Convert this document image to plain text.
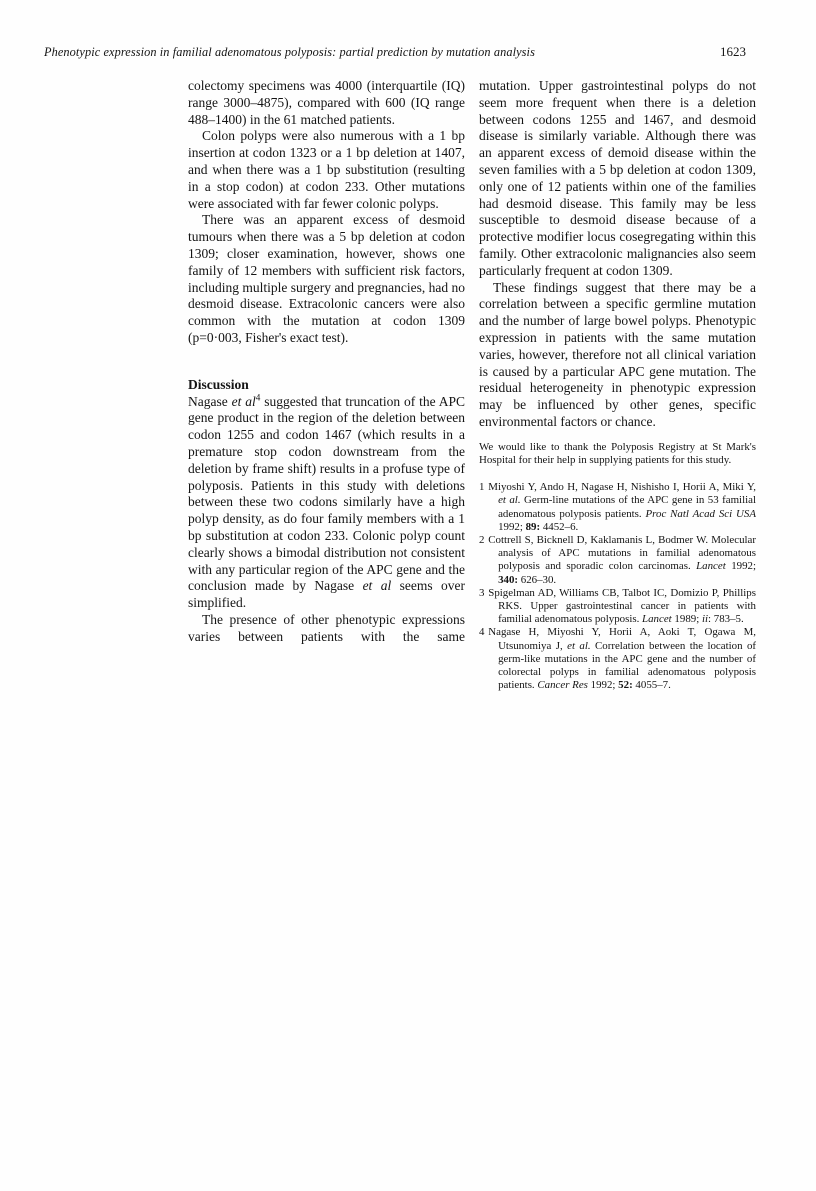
Phenotypic expression in familial adenomatous polyposis: partial prediction by mutation analysis	1623

colectomy specimens was 4000 (interquartile (IQ) range 3000–4875), compared with 600 (IQ range 488–1400) in the 61 matched patients.

Colon polyps were also numerous with a 1 bp insertion at codon 1323 or a 1 bp deletion at 1407, and when there was a 1 bp substitution (resulting in a stop codon) at codon 233. Other mutations were associated with far fewer colonic polyps.

There was an apparent excess of desmoid tumours when there was a 5 bp deletion at codon 1309; closer examination, however, shows one family of 12 members with sufficient risk factors, including multiple surgery and pregnancies, had no desmoid disease. Extracolonic cancers were also common with the mutation at codon 1309 (p=0·003, Fisher's exact test).

Discussion

Nagase et $al^4$ suggested that truncation of the APC gene product in the region of the deletion between codon 1255 and codon 1467 (which results in a premature stop codon downstream from the deletion by frame shift) results in a profuse type of polyposis. Patients in this study with deletions between these two codons similarly have a high polyp density, as do four family members with a 1 bp substitution at codon 233. Colonic polyp count clearly shows a bimodal distribution not consistent with any particular region of the APC gene and the conclusion made by Nagase et al seems over simplified.

The presence of other phenotypic expressions varies between patients with the same

mutation. Upper gastrointestinal polyps do not seem more frequent when there is a deletion between codons 1255 and 1467, and desmoid disease is similarly variable. Although there was an apparent excess of demoid disease within the seven families with a 5 bp deletion at codon 1309, only one of 12 patients within one of the families had desmoid disease. This family may be less susceptible to desmoid disease because of a protective modifier locus cosegregating within this family. Other extracolonic malignancies also seem particularly frequent at codon 1309.

These findings suggest that there may be a correlation between a specific germline mutation and the number of large bowel polyps. Phenotypic expression in patients with the same mutation varies, however, therefore not all clinical variation is caused by a particular APC gene mutation. The residual heterogeneity in phenotypic expression may be influenced by other genes, specific environmental factors or chance.

We would like to thank the Polyposis Registry at St Mark's Hospital for their help in supplying patients for this study.

1 Miyoshi Y, Ando H, Nagase H, Nishisho I, Horii A, Miki Y, et al. Germ-line mutations of the APC gene in 53 familial adenomatous polyposis patients. Proc Natl Acad Sci USA 1992; 89: 4452–6.

2 Cottrell S, Bicknell D, Kaklamanis L, Bodmer W. Molecular analysis of APC mutations in familial adenomatous polyposis and sporadic colon carcinomas. Lancet 1992; 340: 626–30.

3 Spigelman AD, Williams CB, Talbot IC, Domizio P, Phillips RKS. Upper gastrointestinal cancer in patients with familial adenomatous polyposis. Lancet 1989; ii: 783–5.

4 Nagase H, Miyoshi Y, Horii A, Aoki T, Ogawa M, Utsunomiya J, et al. Correlation between the location of germ-like mutations in the APC gene and the number of colorectal polyps in familial adenomatous polyposis patients. Cancer Res 1992; 52: 4055–7.
